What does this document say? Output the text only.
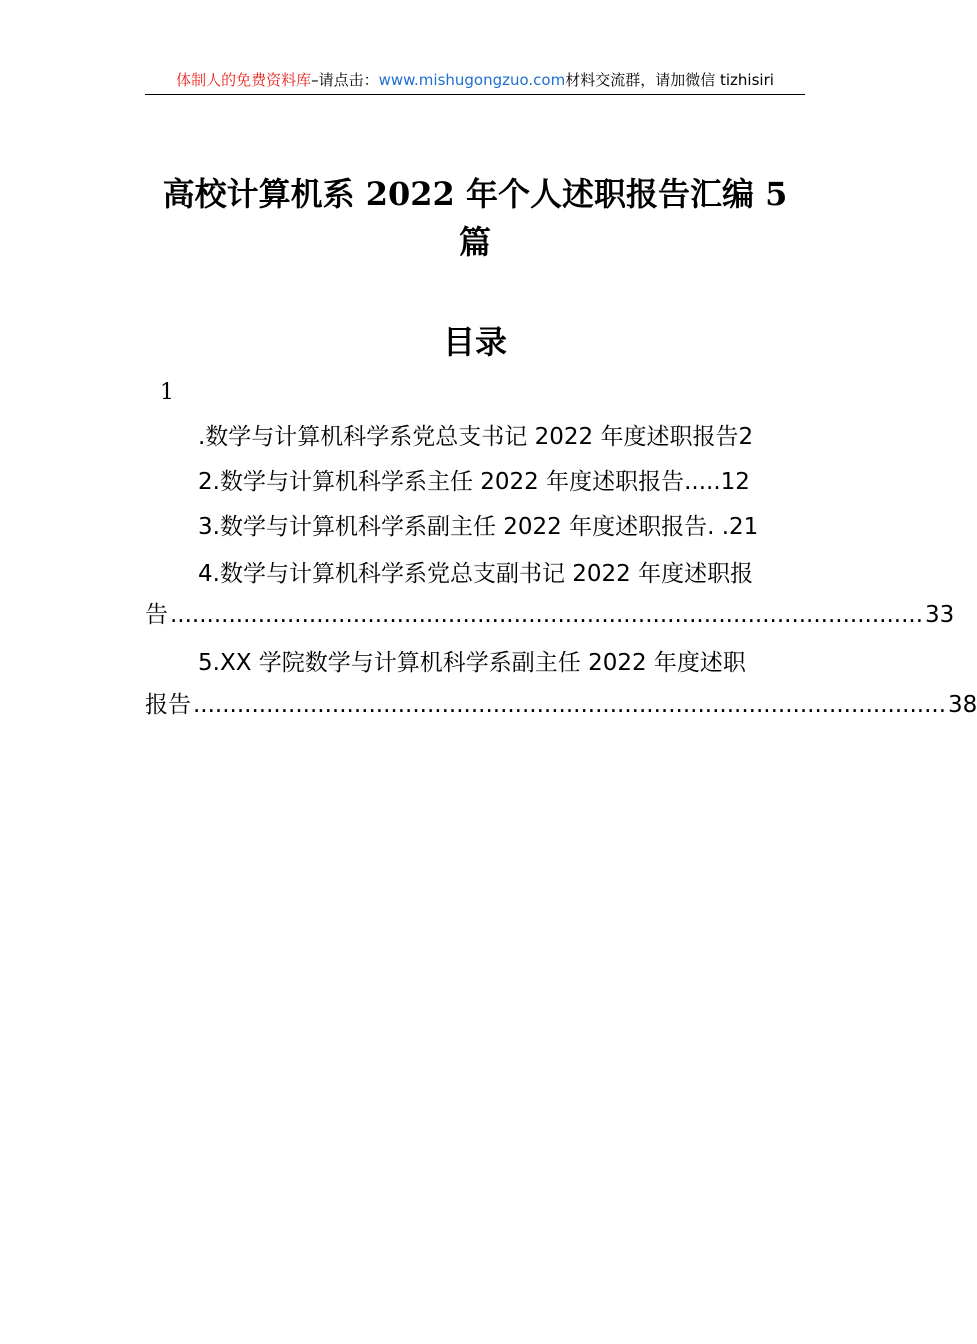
体制人的免费资料库–请点击：www.mishugongzuo.com材料交流群，请加微信 tizhisiri
高校计算机系 2022 年个人述职报告汇编 5
篇
目录
1
.数学与计算机科学系党总支书记 2022 年度述职报告2
2.数学与计算机科学系主任 2022 年度述职报告.....12
3.数学与计算机科学系副主任 2022 年度述职报告. .21
4.数学与计算机科学系党总支副书记 2022 年度述职报
告 ....................................................................................................... 33
5.XX 学院数学与计算机科学系副主任 2022 年度述职
报告 ....................................................................................................... 38
